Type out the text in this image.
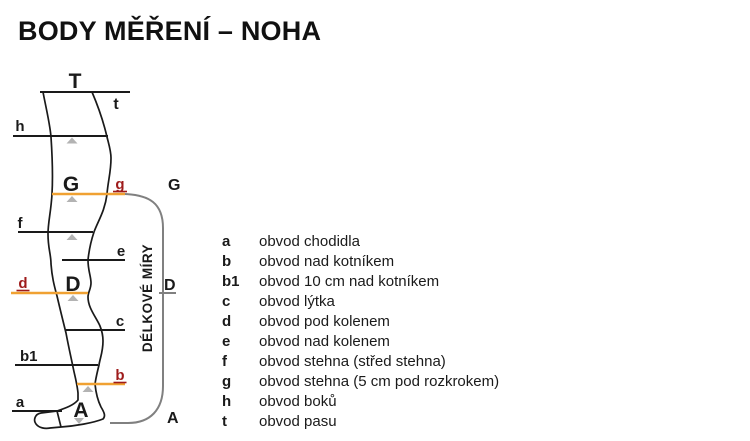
BODY MĚŘENÍ – NOHA
T
G
D
A
t
h
f
e
c
b1
a
g
d
b
G
D
A
DÉLKOVÉ MÍRY
a	obvod chodidla
b	obvod nad kotníkem
b1	obvod 10 cm nad kotníkem
c	obvod lýtka
d	obvod pod kolenem
e	obvod nad kolenem
f	obvod stehna (střed stehna)
g	obvod stehna (5 cm pod rozkrokem)
h	obvod boků
t	obvod pasu
